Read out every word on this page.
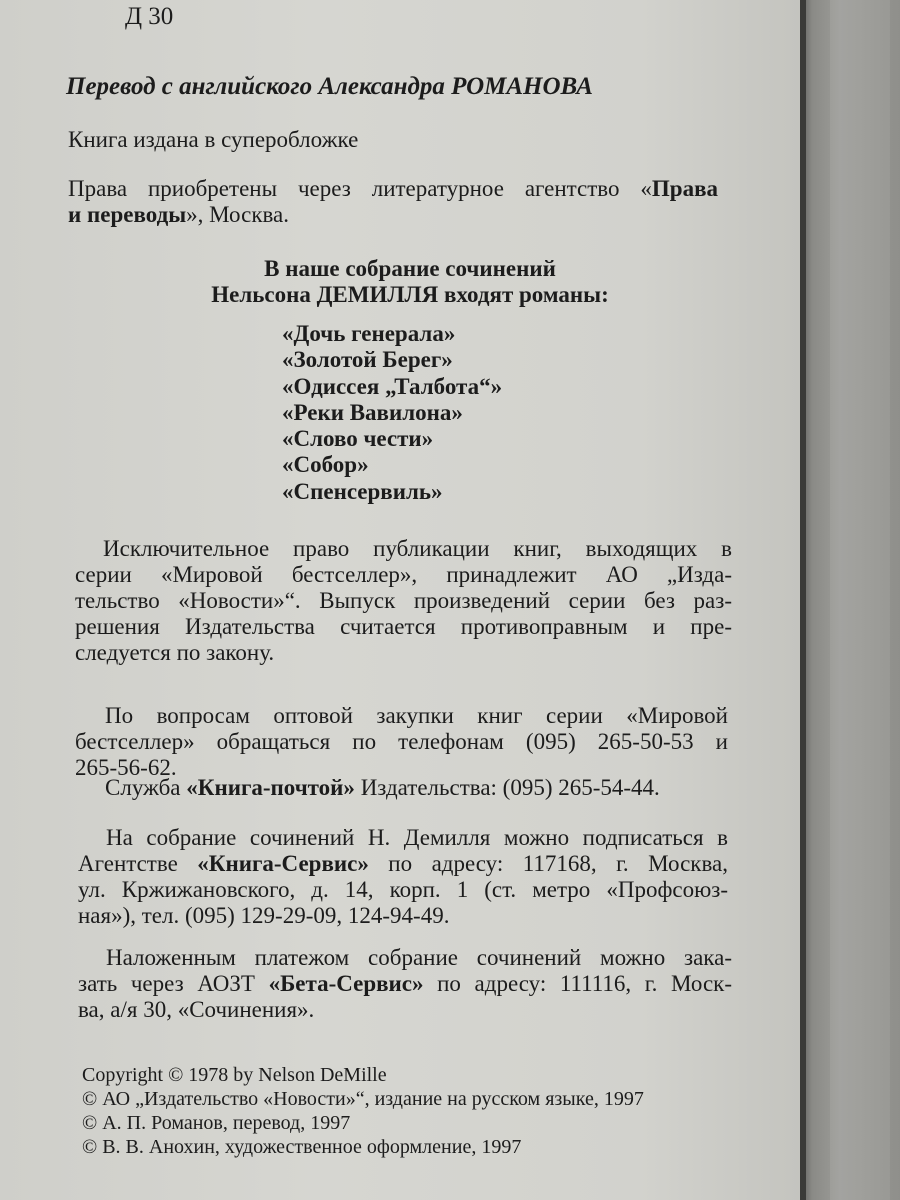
Д 30
Перевод с английского Александра РОМАНОВА
Книга издана в суперобложке
Права приобретены через литературное агентство «Права
и переводы», Москва.
В наше собрание сочинений
Нельсона ДЕМИЛЛЯ входят романы:
«Дочь генерала»
«Золотой Берег»
«Одиссея „Талбота“»
«Реки Вавилона»
«Слово чести»
«Собор»
«Спенсервиль»
Исключительное право публикации книг, выходящих в
серии «Мировой бестселлер», принадлежит АО „Изда-
тельство «Новости»“. Выпуск произведений серии без раз-
решения Издательства считается противоправным и пре-
следуется по закону.
По вопросам оптовой закупки книг серии «Мировой
бестселлер» обращаться по телефонам (095) 265-50-53 и
265-56-62.
Служба «Книга-почтой» Издательства: (095) 265-54-44.
На собрание сочинений Н. Демилля можно подписаться в
Агентстве «Книга-Сервис» по адресу: 117168, г. Москва,
ул. Кржижановского, д. 14, корп. 1 (ст. метро «Профсоюз-
ная»), тел. (095) 129-29-09, 124-94-49.
Наложенным платежом собрание сочинений можно зака-
зать через АОЗТ «Бета-Сервис» по адресу: 111116, г. Моск-
ва, а/я 30, «Сочинения».
Copyright © 1978 by Nelson DeMille
© АО „Издательство «Новости»“, издание на русском языке, 1997
© А. П. Романов, перевод, 1997
© В. В. Анохин, художественное оформление, 1997
